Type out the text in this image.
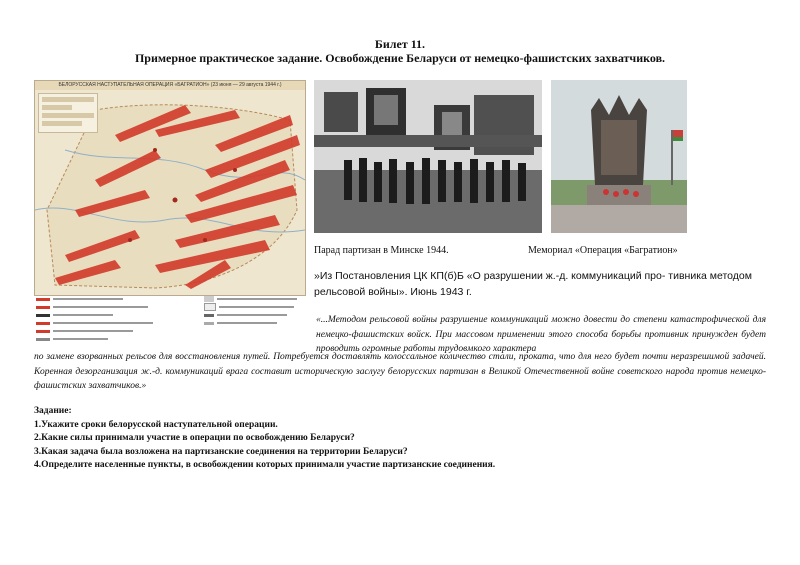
Билет 11.
Примерное практическое задание. Освобождение Беларуси от немецко-фашистских захватчиков.
БЕЛОРУССКАЯ НАСТУПАТЕЛЬНАЯ ОПЕРАЦИЯ «БАГРАТИОН» (23 июня — 29 августа 1944 г.)
Парад партизан в Минске 1944.	Мемориал «Операция «Багратион»
»Из Постановления ЦК КП(б)Б «О разрушении ж.-д. коммуникаций про- тивника методом рельсовой войны». Июнь 1943 г.
«...Методом рельсовой войны разрушение коммуникаций можно довести до степени катастрофической для немецко-фашистских войск. При массовом применении этого способа борьбы противник принужден будет проводить огромные работы трудовмкого характера
по замене взорванных рельсов для восстановления путей. Потребуется доставлять колоссальное количество стали, проката, что для него будет почти неразрешимой задачей. Коренная дезорганизация ж.-д. коммуникаций врага составит историческую заслугу белорусских партизан в Великой Отечественной войне советского народа против немецко-фашистских захватчиков.»
Задание:
1.Укажите сроки белорусской наступательной операции.
2.Какие силы принимали участие в операции по освобождению Беларуси?
3.Какая задача была возложена на партизанские соединения на территории Беларуси?
4.Определите населенные пункты, в освобождении которых принимали участие партизанские соединения.
